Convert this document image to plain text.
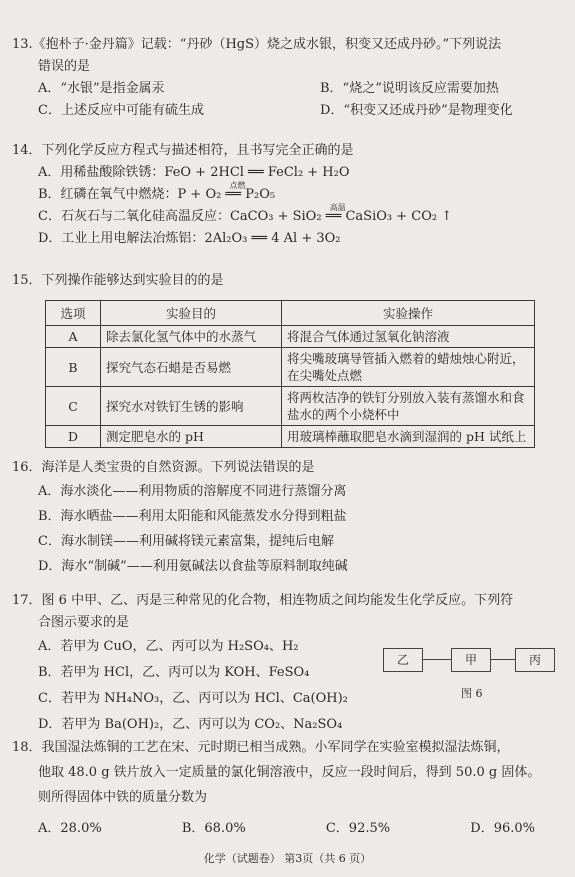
13.《抱朴子·金丹篇》记载：“丹砂（HgS）烧之成水银，积变又还成丹砂。”下列说法
错误的是
A．“水银”是指金属汞	B．“烧之”说明该反应需要加热
C．上述反应中可能有硫生成	D．“积变又还成丹砂”是物理变化
14．下列化学反应方程式与描述相符，且书写完全正确的是
A．用稀盐酸除铁锈：FeO + 2HCl ══ FeCl₂ + H₂O
B．红磷在氧气中燃烧：P + O₂ ══
点燃
P₂O₅
C．石灰石与二氧化硅高温反应：CaCO₃ + SiO₂ ══
高温
CaSiO₃ + CO₂ ↑
D．工业上用电解法冶炼铝：2Al₂O₃ ══ 4 Al + 3O₂
15．下列操作能够达到实验目的的是
选项	实验目的	实验操作
A	除去氯化氢气体中的水蒸气	将混合气体通过氢氧化钠溶液
B	探究气态石蜡是否易燃	将尖嘴玻璃导管插入燃着的蜡烛烛心附近，在尖嘴处点燃
C	探究水对铁钉生锈的影响	将两枚洁净的铁钉分别放入装有蒸馏水和食盐水的两个小烧杯中
D	测定肥皂水的 pH	用玻璃棒蘸取肥皂水滴到湿润的 pH 试纸上
16．海洋是人类宝贵的自然资源。下列说法错误的是
A．海水淡化——利用物质的溶解度不同进行蒸馏分离
B．海水晒盐——利用太阳能和风能蒸发水分得到粗盐
C．海水制镁——利用碱将镁元素富集，提纯后电解
D．海水“制碱”——利用氨碱法以食盐等原料制取纯碱
17．图 6 中甲、乙、丙是三种常见的化合物，相连物质之间均能发生化学反应。下列符
合图示要求的是
A．若甲为 CuO，乙、丙可以为 H₂SO₄、H₂
B．若甲为 HCl，乙、丙可以为 KOH、FeSO₄
C．若甲为 NH₄NO₃，乙、丙可以为 HCl、Ca(OH)₂
D．若甲为 Ba(OH)₂，乙、丙可以为 CO₂、Na₂SO₄
乙	甲	丙
图 6
18．我国湿法炼铜的工艺在宋、元时期已相当成熟。小军同学在实验室模拟湿法炼铜，
他取 48.0 g 铁片放入一定质量的氯化铜溶液中，反应一段时间后，得到 50.0 g 固体。
则所得固体中铁的质量分数为
A．28.0%	B．68.0%	C．92.5%	D．96.0%
化学（试题卷） 第3页（共 6 页）
